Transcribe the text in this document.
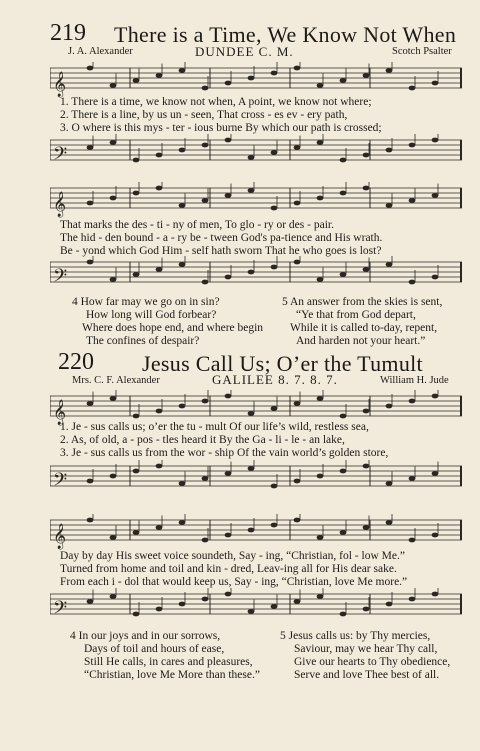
219 There is a Time, We Know Not When
J. A. Alexander	DUNDEE C. M.	Scotch Psalter
𝄞
1. There is a time, we know not when, A point, we know not where;
2. There is a line, by us un - seen, That cross - es ev - ery path,
3. O where is this mys - ter - ious burne By which our path is crossed;
𝄢
𝄞
That marks the des - ti - ny of men, To glo - ry or des - pair.
The hid - den bound - a - ry be - tween God's pa-tience and His wrath.
Be - yond which God Him - self hath sworn That he who goes is lost?
𝄢
4 How far may we go on in sin?
How long will God forbear?
Where does hope end, and where begin
The confines of despair?
5 An answer from the skies is sent,
“Ye that from God depart,
While it is called to-day, repent,
And harden not your heart.”
220 Jesus Call Us; O’er the Tumult
Mrs. C. F. Alexander	GALILEE 8. 7. 8. 7.	William H. Jude
𝄞
1. Je - sus calls us; o’er the tu - mult Of our life’s wild, restless sea,
2. As, of old, a - pos - tles heard it By the Ga - li - le - an lake,
3. Je - sus calls us from the wor - ship Of the vain world’s golden store,
𝄢
𝄞
Day by day His sweet voice soundeth, Say - ing, “Christian, fol - low Me.”
Turned from home and toil and kin - dred, Leav-ing all for His dear sake.
From each i - dol that would keep us, Say - ing, “Christian, love Me more.”
𝄢
4 In our joys and in our sorrows,
Days of toil and hours of ease,
Still He calls, in cares and pleasures,
“Christian, love Me More than these.”
5 Jesus calls us: by Thy mercies,
Saviour, may we hear Thy call,
Give our hearts to Thy obedience,
Serve and love Thee best of all.
